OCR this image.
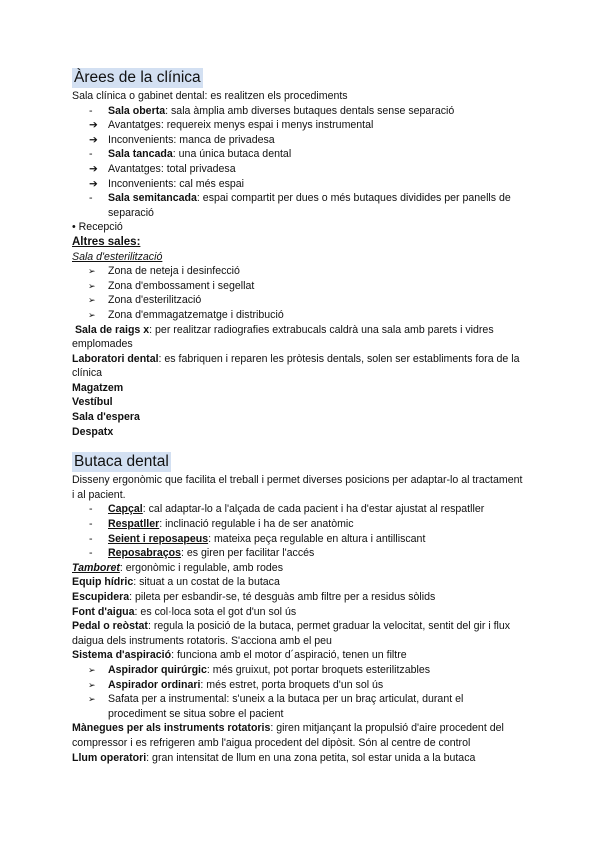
Àrees de la clínica

Sala clínica o gabinet dental: es realitzen els procediments

-	Sala oberta: sala àmplia amb diverses butaques dentals sense separació
➔ Avantatges: requereix menys espai i menys instrumental
➔ Inconvenients: manca de privadesa
-	Sala tancada: una única butaca dental
➔ Avantatges: total privadesa
➔ Inconvenients: cal més espai
-	Sala semitancada: espai compartit per dues o més butaques dividides per panells de separació

• Recepció

Altres sales:

Sala d'esterilització

➢ Zona de neteja i desinfecció
➢ Zona d'embossament i segellat
➢ Zona d'esterilització
➢ Zona d'emmagatzematge i distribució

Sala de raigs x: per realitzar radiografies extrabucals caldrà una sala amb parets i vidres emplomades

Laboratori dental: es fabriquen i reparen les pròtesis dentals, solen ser establiments fora de la clínica

Magatzem

Vestíbul

Sala d'espera

Despatx

Butaca dental

Disseny ergonòmic que facilita el treball i permet diverses posicions per adaptar-lo al tractament i al pacient.

-	Capçal: cal adaptar-lo a l'alçada de cada pacient i ha d'estar ajustat al respatller
-	Respatller: inclinació regulable i ha de ser anatòmic
-	Seient i reposapeus: mateixa peça regulable en altura i antilliscant
-	Reposabraços: es giren per facilitar l'accés

Tamboret: ergonòmic i regulable, amb rodes

Equip hídric: situat a un costat de la butaca

Escupidera: pileta per esbandir-se, té desguàs amb filtre per a residus sòlids

Font d'aigua: es col·loca sota el got d'un sol ús

Pedal o reòstat: regula la posició de la butaca, permet graduar la velocitat, sentit del gir i flux daigua dels instruments rotatoris. S'acciona amb el peu

Sistema d'aspiració: funciona amb el motor d´aspiració, tenen un filtre

➢ Aspirador quirúrgic: més gruixut, pot portar broquets esterilitzables
➢ Aspirador ordinari: més estret, porta broquets d'un sol ús
➢ Safata per a instrumental: s'uneix a la butaca per un braç articulat, durant el procediment se situa sobre el pacient

Mànegues per als instruments rotatoris: giren mitjançant la propulsió d'aire procedent del compressor i es refrigeren amb l'aigua procedent del dipòsit. Són al centre de control

Llum operatori: gran intensitat de llum en una zona petita, sol estar unida a la butaca
